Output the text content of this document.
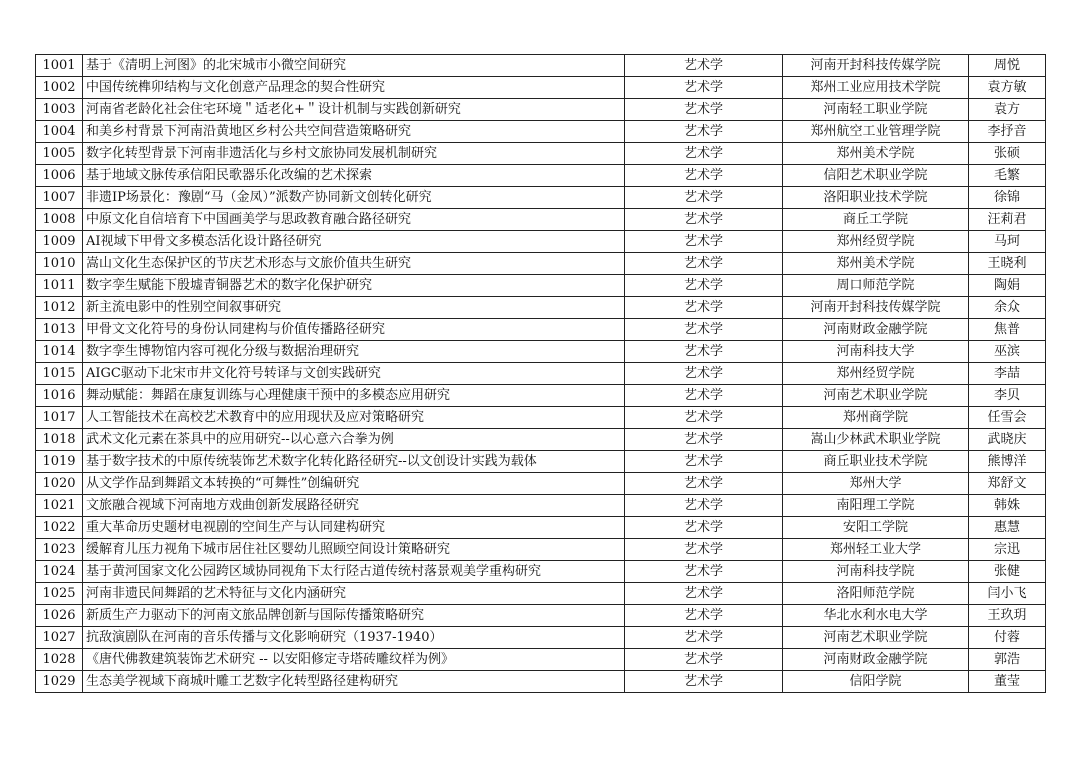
1001	基于《清明上河图》的北宋城市小微空间研究	艺术学	河南开封科技传媒学院	周悦
1002	中国传统榫卯结构与文化创意产品理念的契合性研究	艺术学	郑州工业应用技术学院	袁方敏
1003	河南省老龄化社会住宅环境＂适老化+＂设计机制与实践创新研究	艺术学	河南轻工职业学院	袁方
1004	和美乡村背景下河南沿黄地区乡村公共空间营造策略研究	艺术学	郑州航空工业管理学院	李抒音
1005	数字化转型背景下河南非遗活化与乡村文旅协同发展机制研究	艺术学	郑州美术学院	张硕
1006	基于地域文脉传承信阳民歌器乐化改编的艺术探索	艺术学	信阳艺术职业学院	毛繁
1007	非遗IP场景化：豫剧“马（金凤）”派数产协同新文创转化研究	艺术学	洛阳职业技术学院	徐锦
1008	中原文化自信培育下中国画美学与思政教育融合路径研究	艺术学	商丘工学院	汪莉君
1009	AI视域下甲骨文多模态活化设计路径研究	艺术学	郑州经贸学院	马珂
1010	嵩山文化生态保护区的节庆艺术形态与文旅价值共生研究	艺术学	郑州美术学院	王晓利
1011	数字孪生赋能下殷墟青铜器艺术的数字化保护研究	艺术学	周口师范学院	陶娟
1012	新主流电影中的性别空间叙事研究	艺术学	河南开封科技传媒学院	余众
1013	甲骨文文化符号的身份认同建构与价值传播路径研究	艺术学	河南财政金融学院	焦普
1014	数字孪生博物馆内容可视化分级与数据治理研究	艺术学	河南科技大学	巫滨
1015	AIGC驱动下北宋市井文化符号转译与文创实践研究	艺术学	郑州经贸学院	李喆
1016	舞动赋能：舞蹈在康复训练与心理健康干预中的多模态应用研究	艺术学	河南艺术职业学院	李贝
1017	人工智能技术在高校艺术教育中的应用现状及应对策略研究	艺术学	郑州商学院	任雪会
1018	武术文化元素在茶具中的应用研究--以心意六合拳为例	艺术学	嵩山少林武术职业学院	武晓庆
1019	基于数字技术的中原传统装饰艺术数字化转化路径研究--以文创设计实践为载体	艺术学	商丘职业技术学院	熊博洋
1020	从文学作品到舞蹈文本转换的“可舞性”创编研究	艺术学	郑州大学	郑舒文
1021	文旅融合视域下河南地方戏曲创新发展路径研究	艺术学	南阳理工学院	韩姝
1022	重大革命历史题材电视剧的空间生产与认同建构研究	艺术学	安阳工学院	惠慧
1023	缓解育儿压力视角下城市居住社区婴幼儿照顾空间设计策略研究	艺术学	郑州轻工业大学	宗迅
1024	基于黄河国家文化公园跨区域协同视角下太行陉古道传统村落景观美学重构研究	艺术学	河南科技学院	张健
1025	河南非遗民间舞蹈的艺术特征与文化内涵研究	艺术学	洛阳师范学院	闫小飞
1026	新质生产力驱动下的河南文旅品牌创新与国际传播策略研究	艺术学	华北水利水电大学	王玖玥
1027	抗敌演剧队在河南的音乐传播与文化影响研究（1937-1940）	艺术学	河南艺术职业学院	付蓉
1028	《唐代佛教建筑装饰艺术研究 -- 以安阳修定寺塔砖雕纹样为例》	艺术学	河南财政金融学院	郭浩
1029	生态美学视域下商城叶雕工艺数字化转型路径建构研究	艺术学	信阳学院	董莹
